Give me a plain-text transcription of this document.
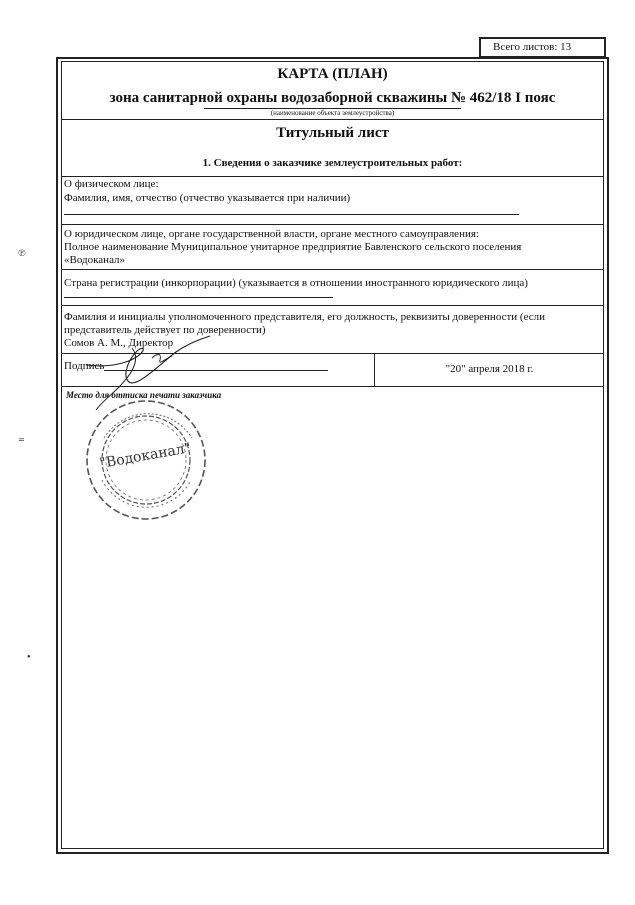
Всего листов: 13
КАРТА (ПЛАН)
зона санитарной охраны водозаборной скважины № 462/18 I пояс
(наименование объекта землеустройства)
Титульный лист
1. Сведения о заказчике землеустроительных работ:
О физическом лице:
Фамилия, имя, отчество (отчество указывается при наличии)
О юридическом лице, органе государственной власти, органе местного самоуправления:
Полное наименование Муниципальное унитарное предприятие Бавленского сельского поселения
«Водоканал»
Страна регистрации (инкорпорации) (указывается в отношении иностранного юридического лица)
Фамилия и инициалы уполномоченного представителя, его должность, реквизиты доверенности (если
представитель действует по доверенности)
Сомов А. М., Директор
Подпись	"20" апреля 2018 г.
Место для оттиска печати заказчика
"Водоканал"
℗
‗
•
